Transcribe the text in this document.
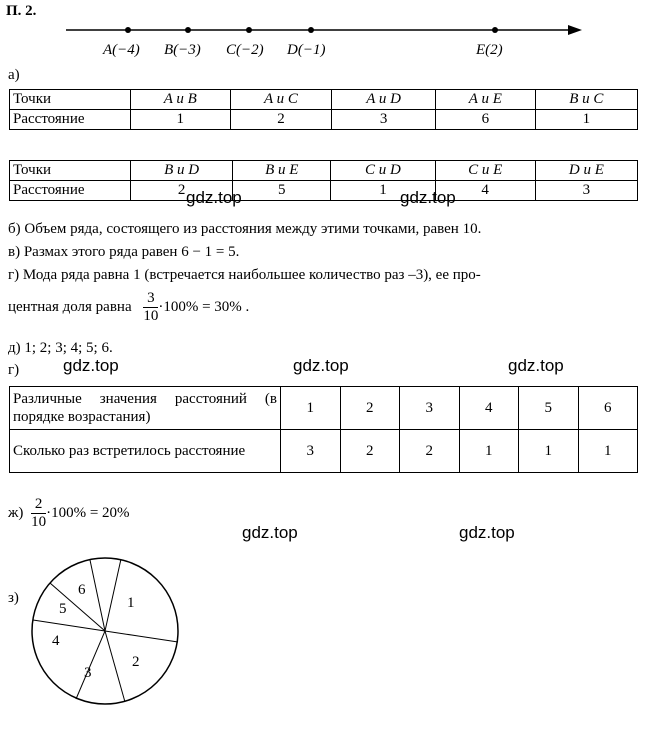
П. 2.
A(−4) B(−3) C(−2) D(−1)	E(2)
а)
Точки	A и B	A и C	A и D	A и E	B и C
Расстояние	1	2	3	6	1
Точки	B и D	B и E	C и D	C и E	D и E
Расстояние	2	5	1	4	3
gdz.top	gdz.top
б) Объем ряда, состоящего из расстояния между этими точками, равен 10.
в) Размах этого ряда равен 6 − 1 = 5.
г) Мода ряда равна 1 (встречается наибольшее количество раз –3), ее про-
центная доля равна $\frac{3}{10} \cdot 100\% = 30\%$ .
д) 1; 2; 3; 4; 5; 6.
г)	gdz.top	gdz.top	gdz.top
Различные значения расстояний (в порядке возрастания)	1	2	3	4	5	6
Сколько раз встретилось расстояние	3	2	2	1	1	1
$ж) \frac{2}{10} \cdot 100\% = 20\%$
gdz.top	gdz.top
з)	1
2
3
4
5
6
